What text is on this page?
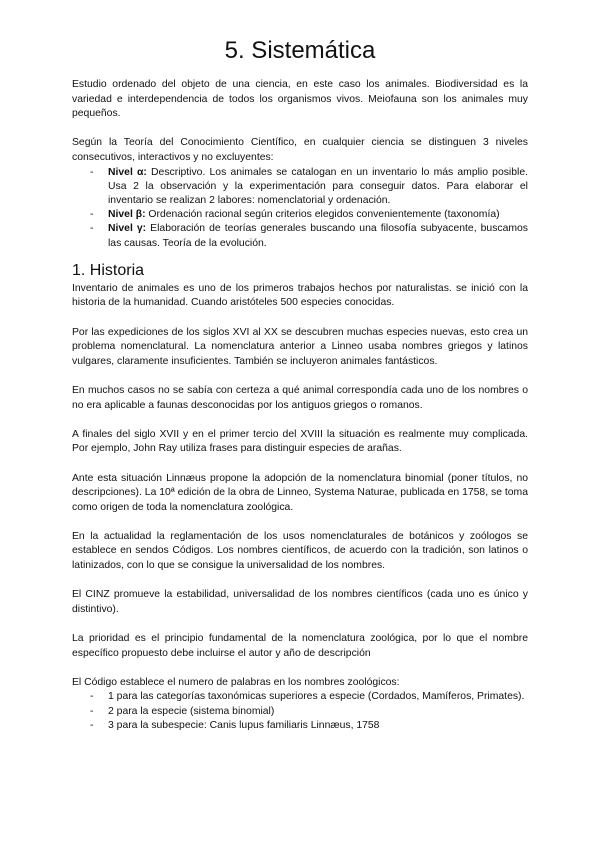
5. Sistemática

Estudio ordenado del objeto de una ciencia, en este caso los animales. Biodiversidad es la variedad e interdependencia de todos los organismos vivos. Meiofauna son los animales muy pequeños.

Según la Teoría del Conocimiento Científico, en cualquier ciencia se distinguen 3 niveles consecutivos, interactivos y no excluyentes:

- Nivel α: Descriptivo. Los animales se catalogan en un inventario lo más amplio posible. Usa 2 la observación y la experimentación para conseguir datos. Para elaborar el inventario se realizan 2 labores: nomenclatorial y ordenación.
- Nivel β: Ordenación racional según criterios elegidos convenientemente (taxonomía)
- Nivel γ: Elaboración de teorías generales buscando una filosofía subyacente, buscamos las causas. Teoría de la evolución.
1. Historia

Inventario de animales es uno de los primeros trabajos hechos por naturalistas. se inició con la historia de la humanidad. Cuando aristóteles 500 especies conocidas.

Por las expediciones de los siglos XVI al XX se descubren muchas especies nuevas, esto crea un problema nomenclatural. La nomenclatura anterior a Linneo usaba nombres griegos y latinos vulgares, claramente insuficientes. También se incluyeron animales fantásticos.

En muchos casos no se sabía con certeza a qué animal correspondía cada uno de los nombres o no era aplicable a faunas desconocidas por los antiguos griegos o romanos.

A finales del siglo XVII y en el primer tercio del XVIII la situación es realmente muy complicada. Por ejemplo, John Ray utiliza frases para distinguir especies de arañas.

Ante esta situación Linnæus propone la adopción de la nomenclatura binomial (poner títulos, no descripciones). La 10ª edición de la obra de Linneo, Systema Naturae, publicada en 1758, se toma como origen de toda la nomenclatura zoológica.

En la actualidad la reglamentación de los usos nomenclaturales de botánicos y zoólogos se establece en sendos Códigos. Los nombres científicos, de acuerdo con la tradición, son latinos o latinizados, con lo que se consigue la universalidad de los nombres.

El CINZ promueve la estabilidad, universalidad de los nombres científicos (cada uno es único y distintivo).

La prioridad es el principio fundamental de la nomenclatura zoológica, por lo que el nombre específico propuesto debe incluirse el autor y año de descripción

El Código establece el numero de palabras en los nombres zoológicos:

- 1 para las categorías taxonómicas superiores a especie (Cordados, Mamíferos, Primates).
- 2 para la especie (sistema binomial)
- 3 para la subespecie: Canis lupus familiaris Linnæus, 1758
